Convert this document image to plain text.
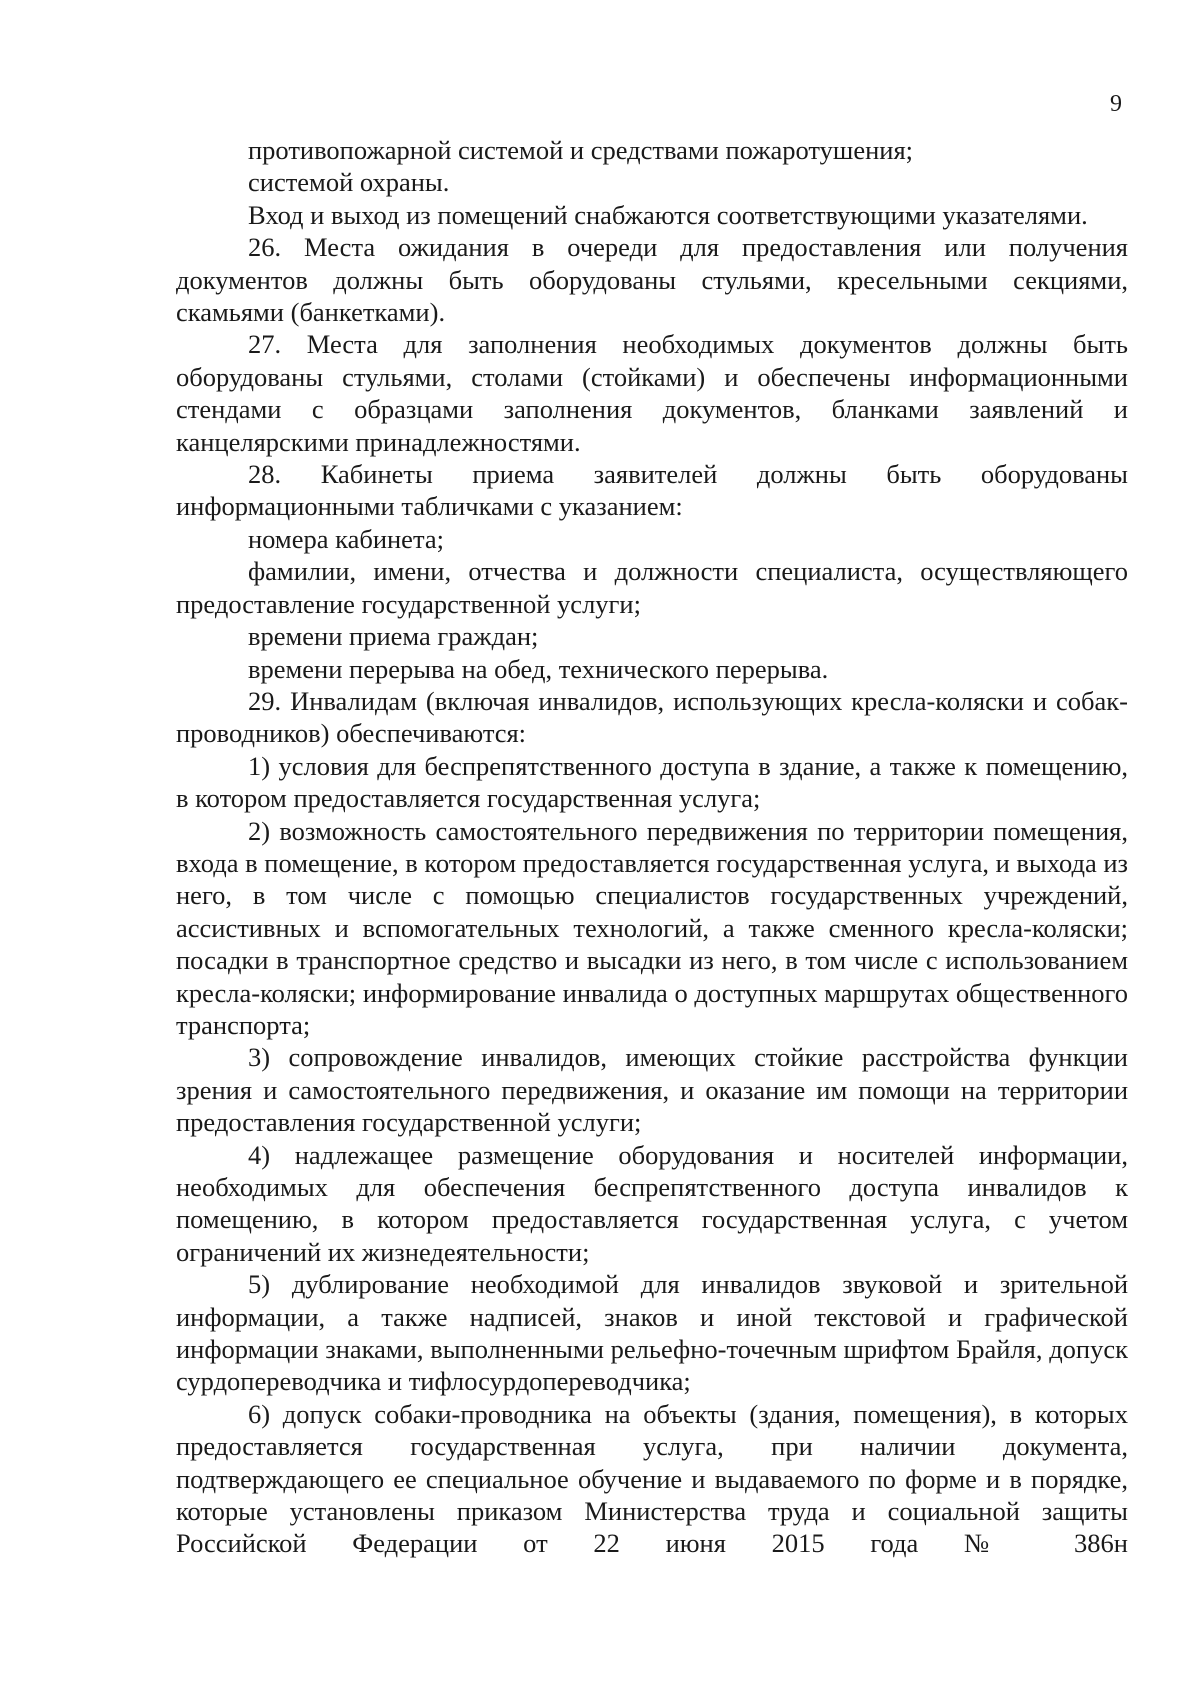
9

противопожарной системой и средствами пожаротушения;

системой охраны.

Вход и выход из помещений снабжаются соответствующими указателями.

26. Места ожидания в очереди для предоставления или получения документов должны быть оборудованы стульями, кресельными секциями, скамьями (банкетками).

27. Места для заполнения необходимых документов должны быть оборудованы стульями, столами (стойками) и обеспечены информационными стендами с образцами заполнения документов, бланками заявлений и канцелярскими принадлежностями.

28. Кабинеты приема заявителей должны быть оборудованы информационными табличками с указанием:

номера кабинета;

фамилии, имени, отчества и должности специалиста, осуществляющего предоставление государственной услуги;

времени приема граждан;

времени перерыва на обед, технического перерыва.

29. Инвалидам (включая инвалидов, использующих кресла-коляски и собак-проводников) обеспечиваются:

1) условия для беспрепятственного доступа в здание, а также к помещению, в котором предоставляется государственная услуга;

2) возможность самостоятельного передвижения по территории помещения, входа в помещение, в котором предоставляется государственная услуга, и выхода из него, в том числе с помощью специалистов государственных учреждений, ассистивных и вспомогательных технологий, а также сменного кресла-коляски; посадки в транспортное средство и высадки из него, в том числе с использованием кресла-коляски; информирование инвалида о доступных маршрутах общественного транспорта;

3) сопровождение инвалидов, имеющих стойкие расстройства функции зрения и самостоятельного передвижения, и оказание им помощи на территории предоставления государственной услуги;

4) надлежащее размещение оборудования и носителей информации, необходимых для обеспечения беспрепятственного доступа инвалидов к помещению, в котором предоставляется государственная услуга, с учетом ограничений их жизнедеятельности;

5) дублирование необходимой для инвалидов звуковой и зрительной информации, а также надписей, знаков и иной текстовой и графической информации знаками, выполненными рельефно-точечным шрифтом Брайля, допуск сурдопереводчика и тифлосурдопереводчика;

6) допуск собаки-проводника на объекты (здания, помещения), в которых предоставляется государственная услуга, при наличии документа, подтверждающего ее специальное обучение и выдаваемого по форме и в порядке, которые установлены приказом Министерства труда и социальной защиты Российской Федерации от 22 июня 2015 года № 386н
